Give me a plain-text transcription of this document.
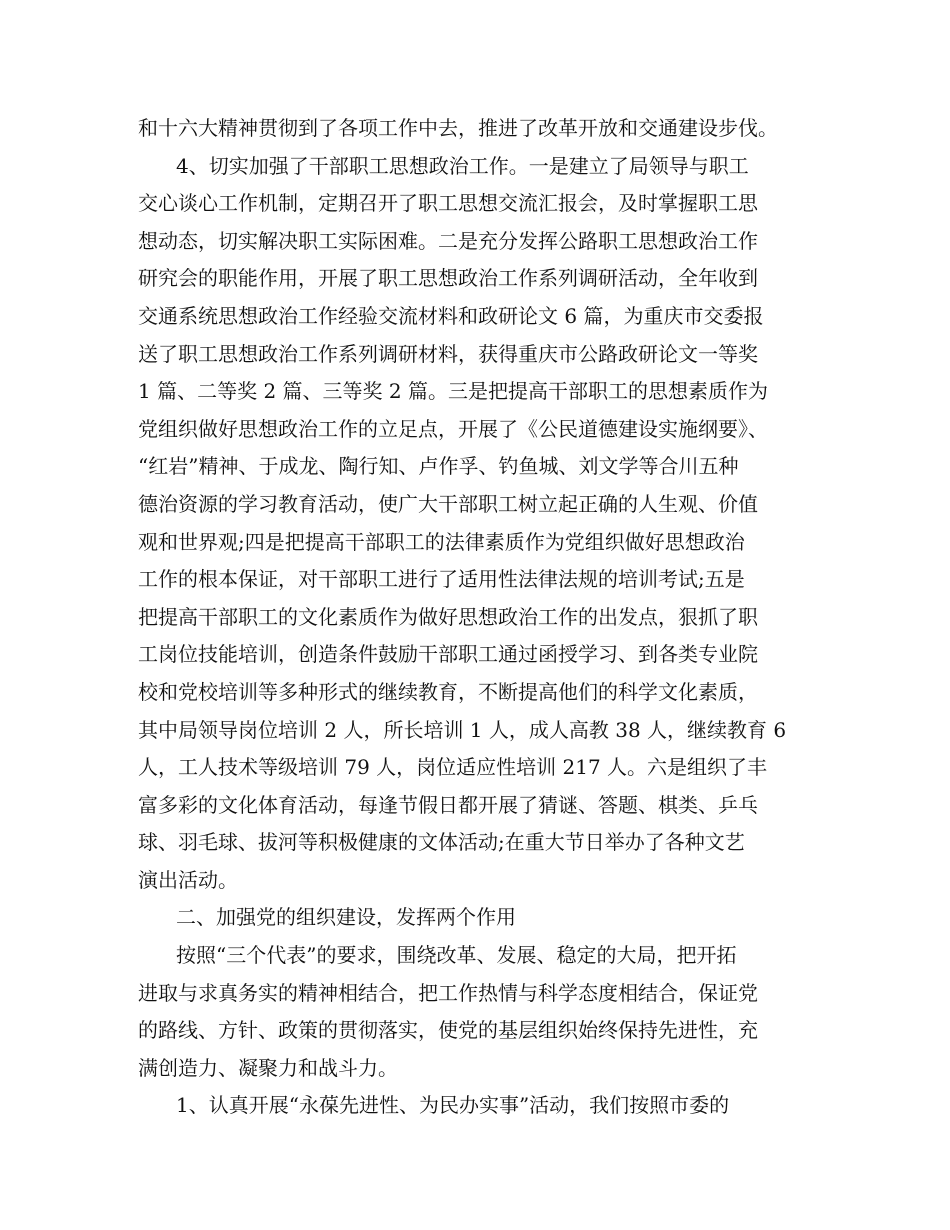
和十六大精神贯彻到了各项工作中去，推进了改革开放和交通建设步伐。
4、切实加强了干部职工思想政治工作。一是建立了局领导与职工
交心谈心工作机制，定期召开了职工思想交流汇报会，及时掌握职工思
想动态，切实解决职工实际困难。二是充分发挥公路职工思想政治工作
研究会的职能作用，开展了职工思想政治工作系列调研活动，全年收到
交通系统思想政治工作经验交流材料和政研论文 6 篇，为重庆市交委报
送了职工思想政治工作系列调研材料，获得重庆市公路政研论文一等奖
1 篇、二等奖 2 篇、三等奖 2 篇。三是把提高干部职工的思想素质作为
党组织做好思想政治工作的立足点，开展了《公民道德建设实施纲要》、
“红岩”精神、于成龙、陶行知、卢作孚、钓鱼城、刘文学等合川五种
德治资源的学习教育活动，使广大干部职工树立起正确的人生观、价值
观和世界观;四是把提高干部职工的法律素质作为党组织做好思想政治
工作的根本保证，对干部职工进行了适用性法律法规的培训考试;五是
把提高干部职工的文化素质作为做好思想政治工作的出发点，狠抓了职
工岗位技能培训，创造条件鼓励干部职工通过函授学习、到各类专业院
校和党校培训等多种形式的继续教育，不断提高他们的科学文化素质，
其中局领导岗位培训 2 人，所长培训 1 人，成人高教 38 人，继续教育 6
人，工人技术等级培训 79 人，岗位适应性培训 217 人。六是组织了丰
富多彩的文化体育活动，每逢节假日都开展了猜谜、答题、棋类、乒乓
球、羽毛球、拔河等积极健康的文体活动;在重大节日举办了各种文艺
演出活动。
二、加强党的组织建设，发挥两个作用
按照“三个代表”的要求，围绕改革、发展、稳定的大局，把开拓
进取与求真务实的精神相结合，把工作热情与科学态度相结合，保证党
的路线、方针、政策的贯彻落实，使党的基层组织始终保持先进性，充
满创造力、凝聚力和战斗力。
1、认真开展“永葆先进性、为民办实事”活动，我们按照市委的
